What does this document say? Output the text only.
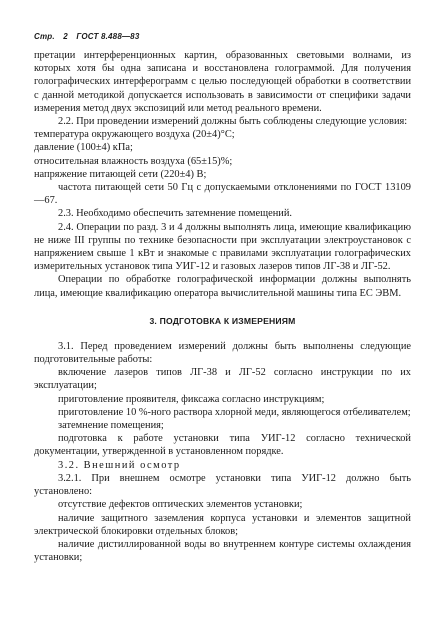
Стр. 2 ГОСТ 8.488—83

претации интерференционных картин, образованных световыми волнами, из которых хотя бы одна записана и восстановлена голограммой. Для получения голографических интерферограмм с целью последующей обработки в соответствии с данной методикой допускается использовать в зависимости от специфики задачи измерения метод двух экспозиций или метод реального времени.

2.2. При проведении измерений должны быть соблюдены следующие условия:

температура окружающего воздуха (20±4)°С;

давление (100±4) кПа;

относительная влажность воздуха (65±15)%;

напряжение питающей сети (220±4) В;

частота питающей сети 50 Гц с допускаемыми отклонениями по ГОСТ 13109—67.

2.3. Необходимо обеспечить затемнение помещений.

2.4. Операции по разд. 3 и 4 должны выполнять лица, имеющие квалификацию не ниже III группы по технике безопасности при эксплуатации электроустановок с напряжением свыше 1 кВт и знакомые с правилами эксплуатации голографических измерительных установок типа УИГ-12 и газовых лазеров типов ЛГ-38 и ЛГ-52.

Операции по обработке голографической информации должны выполнять лица, имеющие квалификацию оператора вычислительной машины типа ЕС ЭВМ.

3. ПОДГОТОВКА К ИЗМЕРЕНИЯМ

3.1. Перед проведением измерений должны быть выполнены следующие подготовительные работы:

включение лазеров типов ЛГ-38 и ЛГ-52 согласно инструкции по их эксплуатации;

приготовление проявителя, фиксажа согласно инструкциям;

приготовление 10 %-ного раствора хлорной меди, являющегося отбеливателем;

затемнение помещения;

подготовка к работе установки типа УИГ-12 согласно технической документации, утвержденной в установленном порядке.

3.2. Внешний осмотр

3.2.1. При внешнем осмотре установки типа УИГ-12 должно быть установлено:

отсутствие дефектов оптических элементов установки;

наличие защитного заземления корпуса установки и элементов защитной электрической блокировки отдельных блоков;

наличие дистиллированной воды во внутреннем контуре системы охлаждения установки;
